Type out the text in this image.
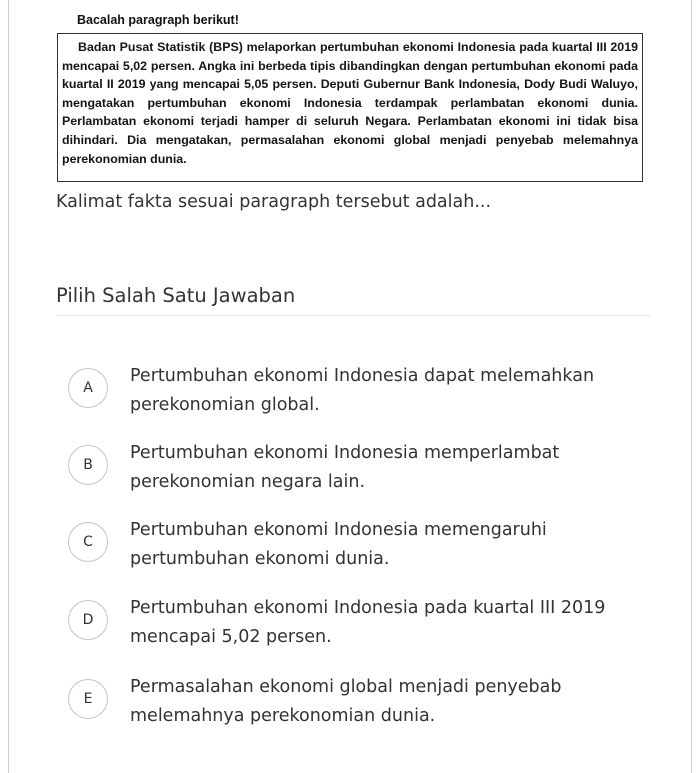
Bacalah paragraph berikut!
Badan Pusat Statistik (BPS) melaporkan pertumbuhan ekonomi Indonesia pada kuartal III 2019 mencapai 5,02 persen. Angka ini berbeda tipis dibandingkan dengan pertumbuhan ekonomi pada kuartal II 2019 yang mencapai 5,05 persen. Deputi Gubernur Bank Indonesia, Dody Budi Waluyo, mengatakan pertumbuhan ekonomi Indonesia terdampak perlambatan ekonomi dunia. Perlambatan ekonomi terjadi hamper di seluruh Negara. Perlambatan ekonomi ini tidak bisa dihindari. Dia mengatakan, permasalahan ekonomi global menjadi penyebab melemahnya perekonomian dunia.
Kalimat fakta sesuai paragraph tersebut adalah...
Pilih Salah Satu Jawaban
A
Pertumbuhan ekonomi Indonesia dapat melemahkan perekonomian global.
B
Pertumbuhan ekonomi Indonesia memperlambat perekonomian negara lain.
C
Pertumbuhan ekonomi Indonesia memengaruhi pertumbuhan ekonomi dunia.
D
Pertumbuhan ekonomi Indonesia pada kuartal III 2019 mencapai 5,02 persen.
E
Permasalahan ekonomi global menjadi penyebab melemahnya perekonomian dunia.
